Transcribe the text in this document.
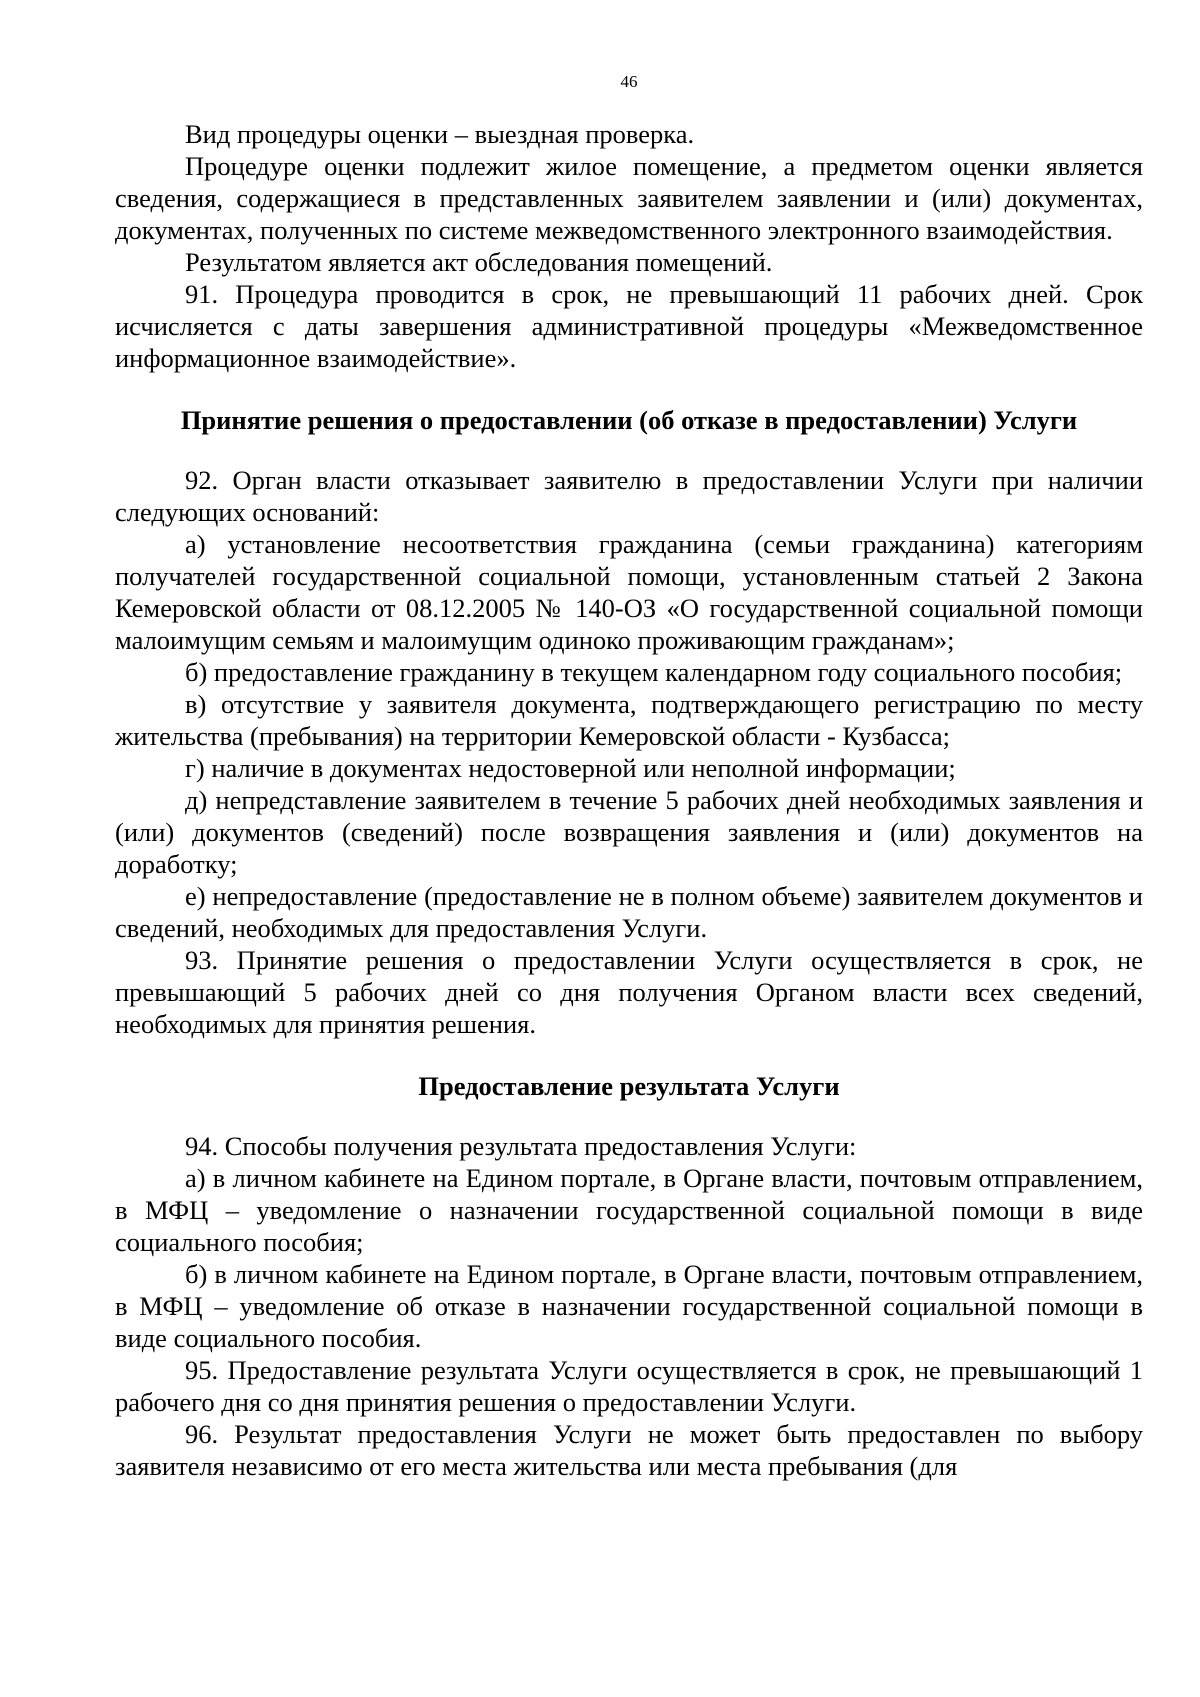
46

Вид процедуры оценки – выездная проверка.

Процедуре оценки подлежит жилое помещение, а предметом оценки является сведения, содержащиеся в представленных заявителем заявлении и (или) документах, документах, полученных по системе межведомственного электронного взаимодействия.

Результатом является акт обследования помещений.

91. Процедура проводится в срок, не превышающий 11 рабочих дней. Срок исчисляется с даты завершения административной процедуры «Межведомственное информационное взаимодействие».

Принятие решения о предоставлении (об отказе в предоставлении) Услуги

92. Орган власти отказывает заявителю в предоставлении Услуги при наличии следующих оснований:

а) установление несоответствия гражданина (семьи гражданина) категориям получателей государственной социальной помощи, установленным статьей 2 Закона Кемеровской области от 08.12.2005 № 140-ОЗ «О государственной социальной помощи малоимущим семьям и малоимущим одиноко проживающим гражданам»;

б) предоставление гражданину в текущем календарном году социального пособия;

в) отсутствие у заявителя документа, подтверждающего регистрацию по месту жительства (пребывания) на территории Кемеровской области - Кузбасса;

г) наличие в документах недостоверной или неполной информации;

д) непредставление заявителем в течение 5 рабочих дней необходимых заявления и (или) документов (сведений) после возвращения заявления и (или) документов на доработку;

е) непредоставление (предоставление не в полном объеме) заявителем документов и сведений, необходимых для предоставления Услуги.

93. Принятие решения о предоставлении Услуги осуществляется в срок, не превышающий 5 рабочих дней со дня получения Органом власти всех сведений, необходимых для принятия решения.

Предоставление результата Услуги

94. Способы получения результата предоставления Услуги:

а) в личном кабинете на Едином портале, в Органе власти, почтовым отправлением, в МФЦ – уведомление о назначении государственной социальной помощи в виде социального пособия;

б) в личном кабинете на Едином портале, в Органе власти, почтовым отправлением, в МФЦ – уведомление об отказе в назначении государственной социальной помощи в виде социального пособия.

95. Предоставление результата Услуги осуществляется в срок, не превышающий 1 рабочего дня со дня принятия решения о предоставлении Услуги.

96. Результат предоставления Услуги не может быть предоставлен по выбору заявителя независимо от его места жительства или места пребывания (для
